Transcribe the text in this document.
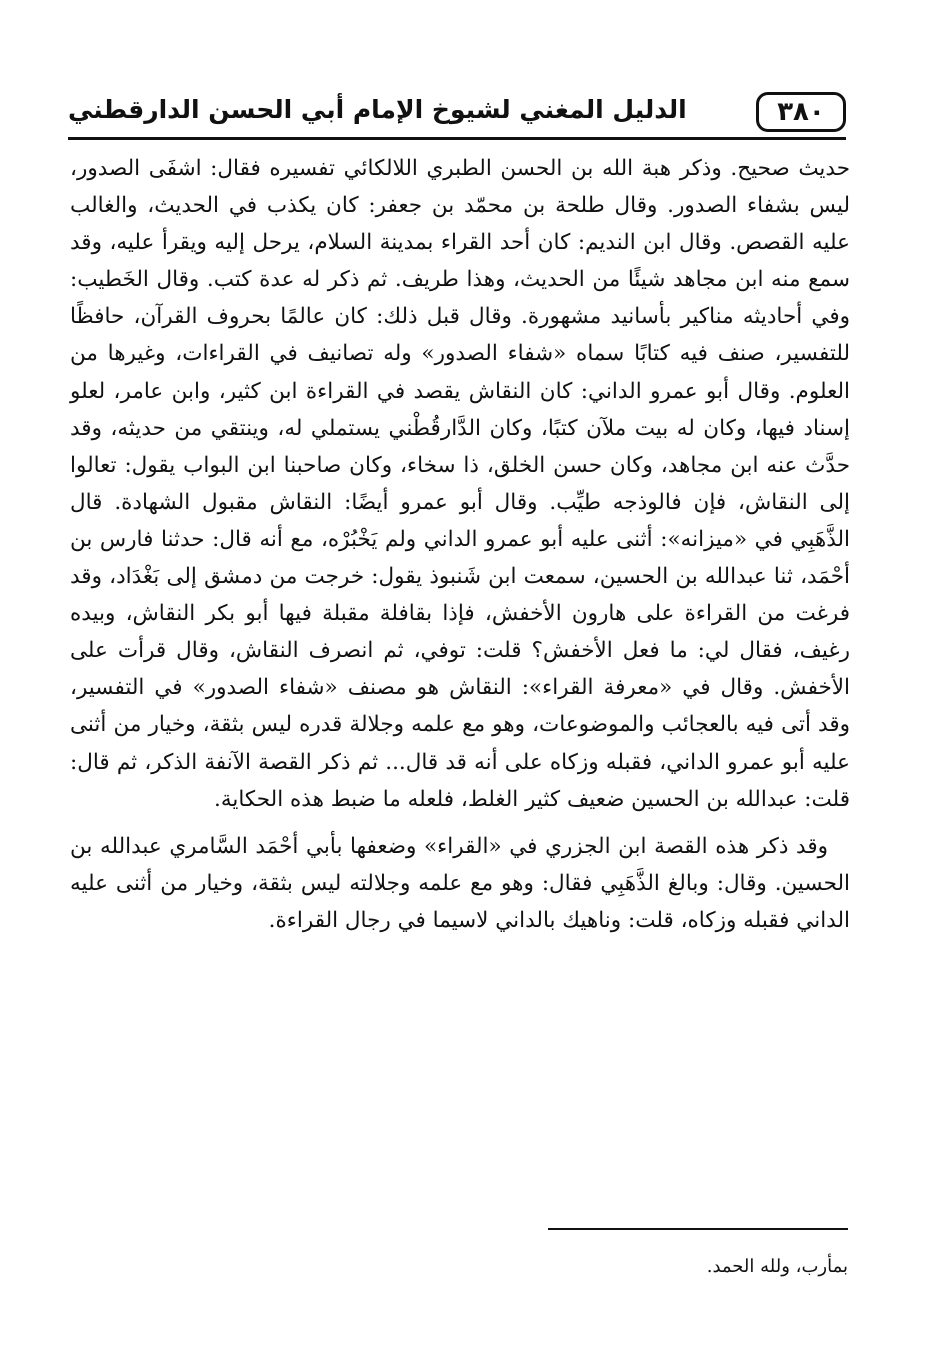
٣٨٠
الدليل المغني لشيوخ الإمام أبي الحسن الدارقطني

حديث صحيح. وذكر هبة الله بن الحسن الطبري اللالكائي تفسيره فقال: اشفَى الصدور، ليس بشفاء الصدور. وقال طلحة بن محمّد بن جعفر: كان يكذب في الحديث، والغالب عليه القصص. وقال ابن النديم: كان أحد القراء بمدينة السلام، يرحل إليه ويقرأ عليه، وقد سمع منه ابن مجاهد شيئًا من الحديث، وهذا طريف. ثم ذكر له عدة كتب. وقال الخَطيب: وفي أحاديثه مناكير بأسانيد مشهورة. وقال قبل ذلك: كان عالمًا بحروف القرآن، حافظًا للتفسير، صنف فيه كتابًا سماه «شفاء الصدور» وله تصانيف في القراءات، وغيرها من العلوم. وقال أبو عمرو الداني: كان النقاش يقصد في القراءة ابن كثير، وابن عامر، لعلو إسناد فيها، وكان له بيت ملآن كتبًا، وكان الدَّارقُطْني يستملي له، وينتقي من حديثه، وقد حدَّث عنه ابن مجاهد، وكان حسن الخلق، ذا سخاء، وكان صاحبنا ابن البواب يقول: تعالوا إلى النقاش، فإن فالوذجه طيِّب. وقال أبو عمرو أيضًا: النقاش مقبول الشهادة. قال الذَّهَبِي في «ميزانه»: أثنى عليه أبو عمرو الداني ولم يَخْبُرْه، مع أنه قال: حدثنا فارس بن أحْمَد، ثنا عبدالله بن الحسين، سمعت ابن شَنبوذ يقول: خرجت من دمشق إلى بَغْدَاد، وقد فرغت من القراءة على هارون الأخفش، فإذا بقافلة مقبلة فيها أبو بكر النقاش، وبيده رغيف، فقال لي: ما فعل الأخفش؟ قلت: توفي، ثم انصرف النقاش، وقال قرأت على الأخفش. وقال في «معرفة القراء»: النقاش هو مصنف «شفاء الصدور» في التفسير، وقد أتى فيه بالعجائب والموضوعات، وهو مع علمه وجلالة قدره ليس بثقة، وخيار من أثنى عليه أبو عمرو الداني، فقبله وزكاه على أنه قد قال... ثم ذكر القصة الآنفة الذكر، ثم قال: قلت: عبدالله بن الحسين ضعيف كثير الغلط، فلعله ما ضبط هذه الحكاية.

وقد ذكر هذه القصة ابن الجزري في «القراء» وضعفها بأبي أحْمَد السَّامري عبدالله بن الحسين. وقال: وبالغ الذَّهَبِي فقال: وهو مع علمه وجلالته ليس بثقة، وخيار من أثنى عليه الداني فقبله وزكاه، قلت: وناهيك بالداني لاسيما في رجال القراءة.

بمأرب، ولله الحمد.
